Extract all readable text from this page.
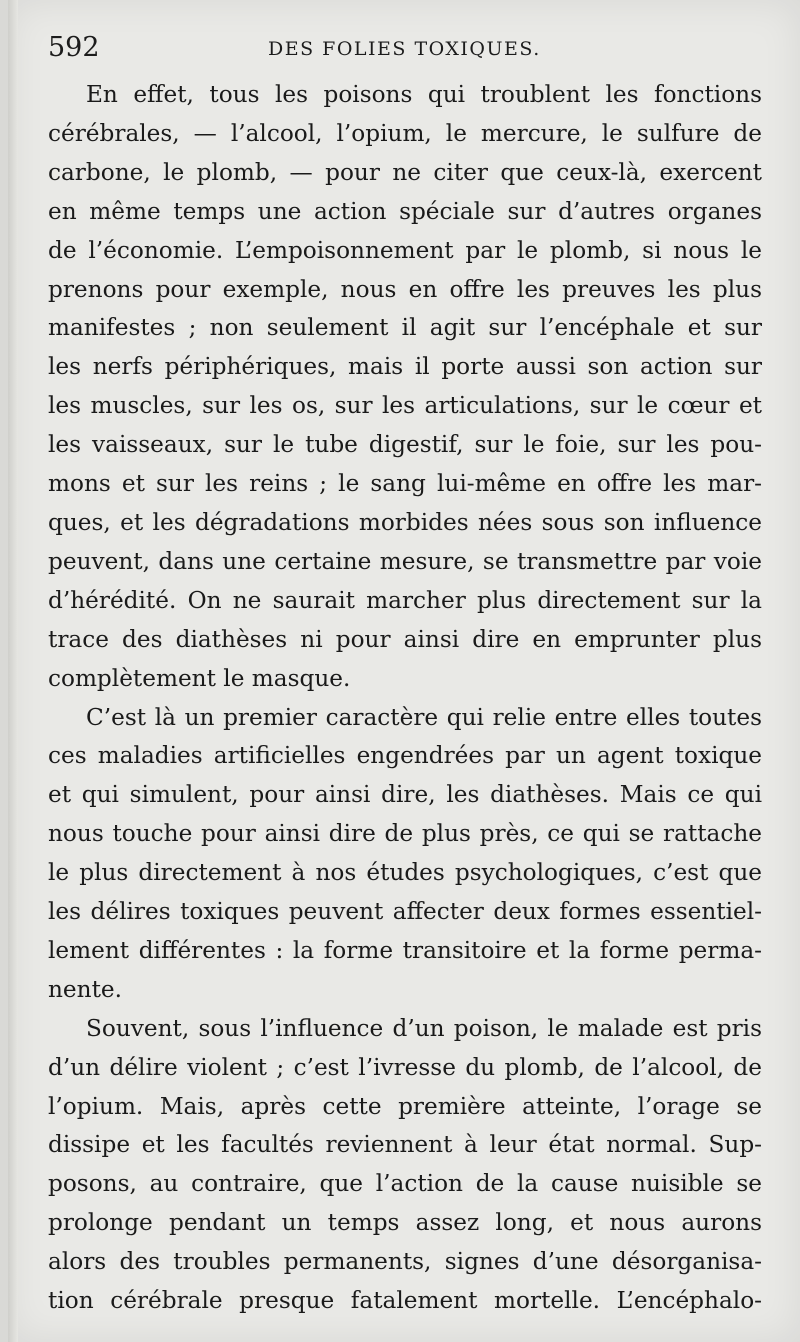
592	DES FOLIES TOXIQUES.
En effet, tous les poisons qui troublent les fonctions
cérébrales, — l’alcool, l’opium, le mercure, le sulfure de
carbone, le plomb, — pour ne citer que ceux-là, exercent
en même temps une action spéciale sur d’autres organes
de l’économie. L’empoisonnement par le plomb, si nous le
prenons pour exemple, nous en offre les preuves les plus
manifestes ; non seulement il agit sur l’encéphale et sur
les nerfs périphériques, mais il porte aussi son action sur
les muscles, sur les os, sur les articulations, sur le cœur et
les vaisseaux, sur le tube digestif, sur le foie, sur les pou-
mons et sur les reins ; le sang lui-même en offre les mar-
ques, et les dégradations morbides nées sous son influence
peuvent, dans une certaine mesure, se transmettre par voie
d’hérédité. On ne saurait marcher plus directement sur la
trace des diathèses ni pour ainsi dire en emprunter plus
complètement le masque.
C’est là un premier caractère qui relie entre elles toutes
ces maladies artificielles engendrées par un agent toxique
et qui simulent, pour ainsi dire, les diathèses. Mais ce qui
nous touche pour ainsi dire de plus près, ce qui se rattache
le plus directement à nos études psychologiques, c’est que
les délires toxiques peuvent affecter deux formes essentiel-
lement différentes : la forme transitoire et la forme perma-
nente.
Souvent, sous l’influence d’un poison, le malade est pris
d’un délire violent ; c’est l’ivresse du plomb, de l’alcool, de
l’opium. Mais, après cette première atteinte, l’orage se
dissipe et les facultés reviennent à leur état normal. Sup-
posons, au contraire, que l’action de la cause nuisible se
prolonge pendant un temps assez long, et nous aurons
alors des troubles permanents, signes d’une désorganisa-
tion cérébrale presque fatalement mortelle. L’encéphalo-
